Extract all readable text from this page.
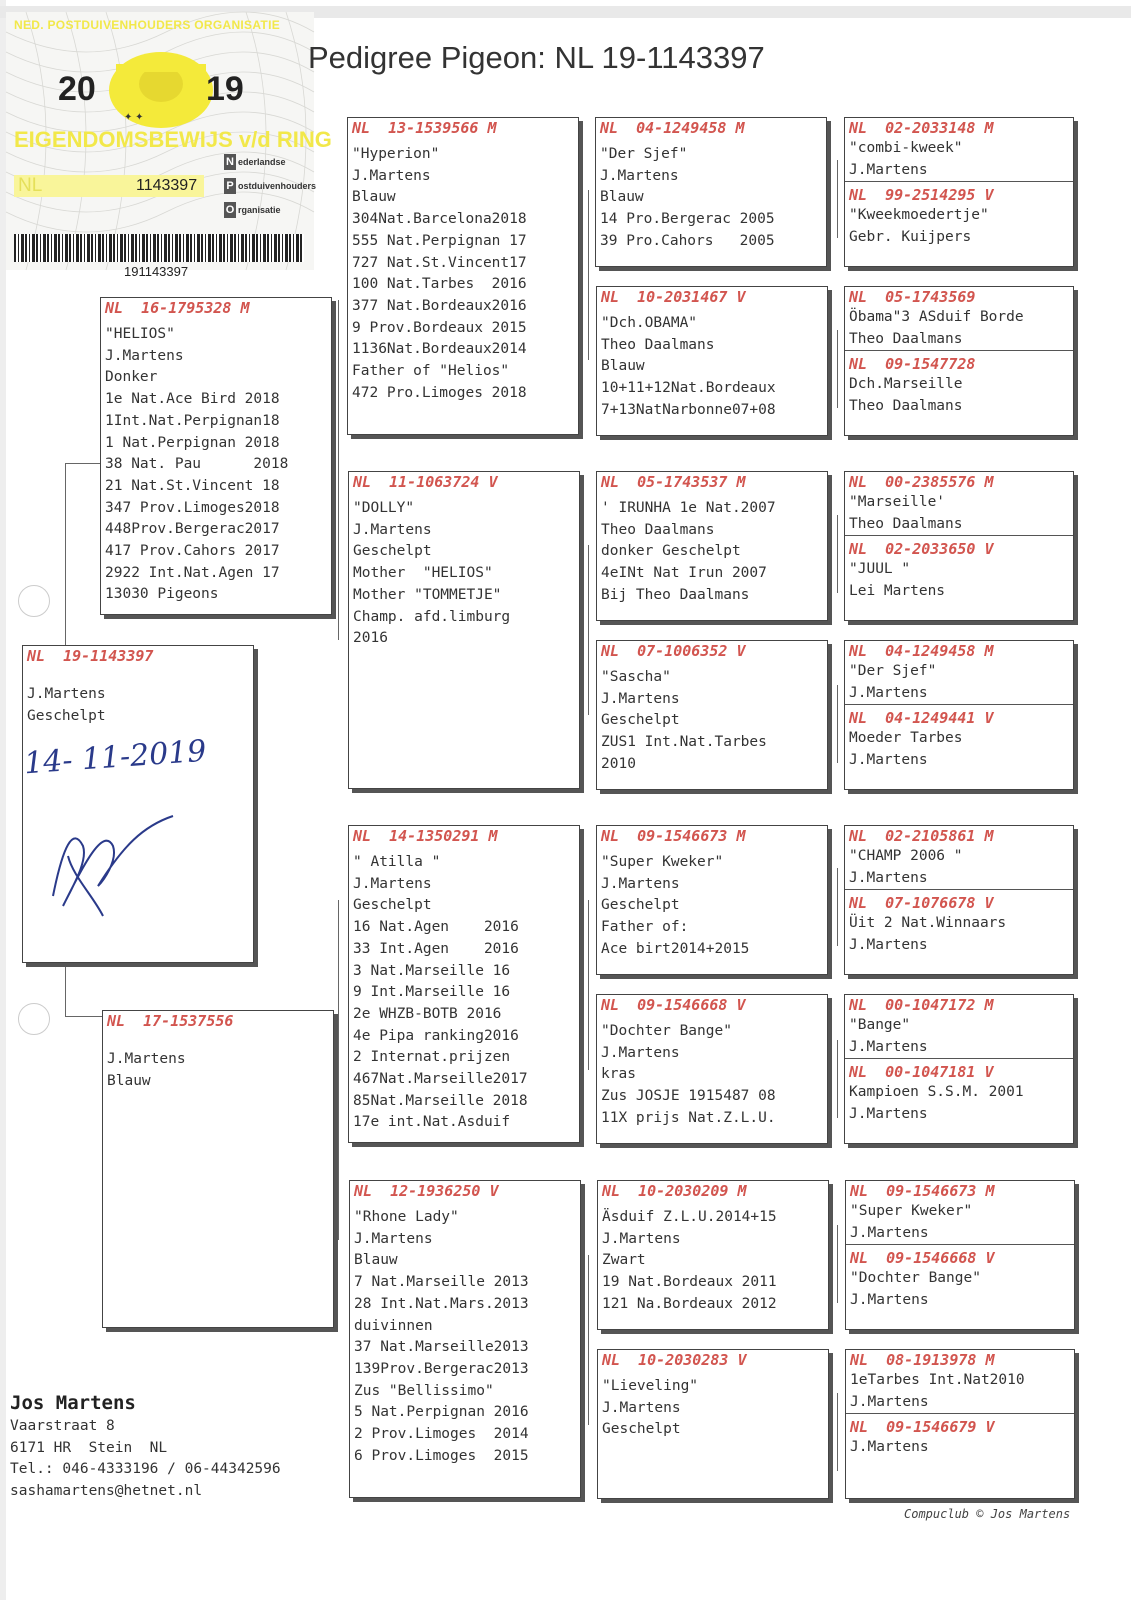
✦ ✦
NED. POSTDUIVENHOUDERS ORGANISATIE
20	19
EIGENDOMSBEWIJS v/d RING
NL	1143397
N ederlandse
P ostduivenhouders
O rganisatie
191143397
Pedigree Pigeon: NL 19-1143397
NL  19-1143397
J.Martens
Geschelpt
14- 11-2019
NL  16-1795328 M
"HELIOS"
J.Martens
Donker
1e Nat.Ace Bird 2018
1Int.Nat.Perpignan18
1 Nat.Perpignan 2018
38 Nat. Pau      2018
21 Nat.St.Vincent 18
347 Prov.Limoges2018
448Prov.Bergerac2017
417 Prov.Cahors 2017
2922 Int.Nat.Agen 17
13030 Pigeons
NL  17-1537556
J.Martens
Blauw
NL  13-1539566 M
"Hyperion"
J.Martens
Blauw
304Nat.Barcelona2018
555 Nat.Perpignan 17
727 Nat.St.Vincent17
100 Nat.Tarbes  2016
377 Nat.Bordeaux2016
9 Prov.Bordeaux 2015
1136Nat.Bordeaux2014
Father of "Helios"
472 Pro.Limoges 2018
NL  11-1063724 V
"DOLLY"
J.Martens
Geschelpt
Mother  "HELIOS"
Mother "TOMMETJE"
Champ. afd.limburg
2016
NL  14-1350291 M
" Atilla "
J.Martens
Geschelpt
16 Nat.Agen    2016
33 Int.Agen    2016
3 Nat.Marseille 16
9 Int.Marseille 16
2e WHZB-BOTB 2016
4e Pipa ranking2016
2 Internat.prijzen
467Nat.Marseille2017
85Nat.Marseille 2018
17e int.Nat.Asduif
NL  12-1936250 V
"Rhone Lady"
J.Martens
Blauw
7 Nat.Marseille 2013
28 Int.Nat.Mars.2013
duivinnen
37 Nat.Marseille2013
139Prov.Bergerac2013
Zus "Bellissimo"
5 Nat.Perpignan 2016
2 Prov.Limoges  2014
6 Prov.Limoges  2015
NL  04-1249458 M
"Der Sjef"
J.Martens
Blauw
14 Pro.Bergerac 2005
39 Pro.Cahors   2005
NL  10-2031467 V
"Dch.OBAMA"
Theo Daalmans
Blauw
10+11+12Nat.Bordeaux
7+13NatNarbonne07+08
NL  05-1743537 M
' IRUNHA 1e Nat.2007
Theo Daalmans
donker Geschelpt
4eINt Nat Irun 2007
Bij Theo Daalmans
NL  07-1006352 V
"Sascha"
J.Martens
Geschelpt
ZUS1 Int.Nat.Tarbes
2010
NL  09-1546673 M
"Super Kweker"
J.Martens
Geschelpt
Father of:
Ace birt2014+2015
NL  09-1546668 V
"Dochter Bange"
J.Martens
kras
Zus JOSJE 1915487 08
11X prijs Nat.Z.L.U.
NL  10-2030209 M
Äsduif Z.L.U.2014+15
J.Martens
Zwart
19 Nat.Bordeaux 2011
121 Na.Bordeaux 2012
NL  10-2030283 V
"Lieveling"
J.Martens
Geschelpt
NL  02-2033148 M
"combi-kweek"
J.Martens
NL  99-2514295 V
"Kweekmoedertje"
Gebr. Kuijpers
NL  05-1743569
Öbama"3 ASduif Borde
Theo Daalmans
NL  09-1547728
Dch.Marseille
Theo Daalmans
NL  00-2385576 M
"Marseille'
Theo Daalmans
NL  02-2033650 V
"JUUL "
Lei Martens
NL  04-1249458 M
"Der Sjef"
J.Martens
NL  04-1249441 V
Moeder Tarbes
J.Martens
NL  02-2105861 M
"CHAMP 2006 "
J.Martens
NL  07-1076678 V
Üit 2 Nat.Winnaars
J.Martens
NL  00-1047172 M
"Bange"
J.Martens
NL  00-1047181 V
Kampioen S.S.M. 2001
J.Martens
NL  09-1546673 M
"Super Kweker"
J.Martens
NL  09-1546668 V
"Dochter Bange"
J.Martens
NL  08-1913978 M
1eTarbes Int.Nat2010
J.Martens
NL  09-1546679 V
J.Martens
Jos Martens
Vaarstraat 8
6171 HR  Stein  NL
Tel.: 046-4333196 / 06-44342596
sashamartens@hetnet.nl
Compuclub © Jos Martens
